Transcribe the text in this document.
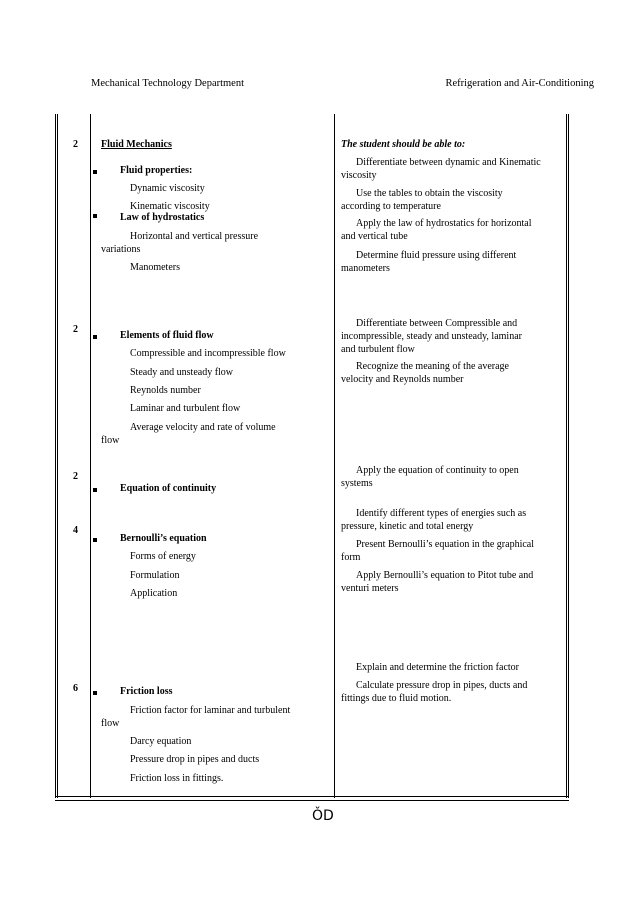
Mechanical Technology Department	Refrigeration and Air-Conditioning
2 Fluid Mechanics
Fluid properties:
Dynamic viscosity
Kinematic viscosity
Law of hydrostatics
Horizontal and vertical pressure
variations
Manometers
The student should be able to:
Differentiate between dynamic and Kinematic
viscosity
Use the tables to obtain the viscosity
according to temperature
Apply the law of hydrostatics for horizontal
and vertical tube
Determine fluid pressure using different
manometers
2
Elements of fluid flow
Compressible and incompressible flow
Steady and unsteady flow
Reynolds number
Laminar and turbulent flow
Average velocity and rate of volume
flow
Differentiate between Compressible and
incompressible, steady and unsteady, laminar
and turbulent flow
Recognize the meaning of the average
velocity and Reynolds number
2
Equation of continuity
Apply the equation of continuity to open
systems
4
Bernoulli’s equation
Forms of energy
Formulation
Application
Identify different types of energies such as
pressure, kinetic and total energy
Present Bernoulli’s equation in the graphical
form
Apply Bernoulli’s equation to Pitot tube and
venturi meters
6	Friction loss
Friction factor for laminar and turbulent
flow
Darcy equation
Pressure drop in pipes and ducts
Friction loss in fittings.
Explain and determine the friction factor
Calculate pressure drop in pipes, ducts and
fittings due to fluid motion.
ǑD
